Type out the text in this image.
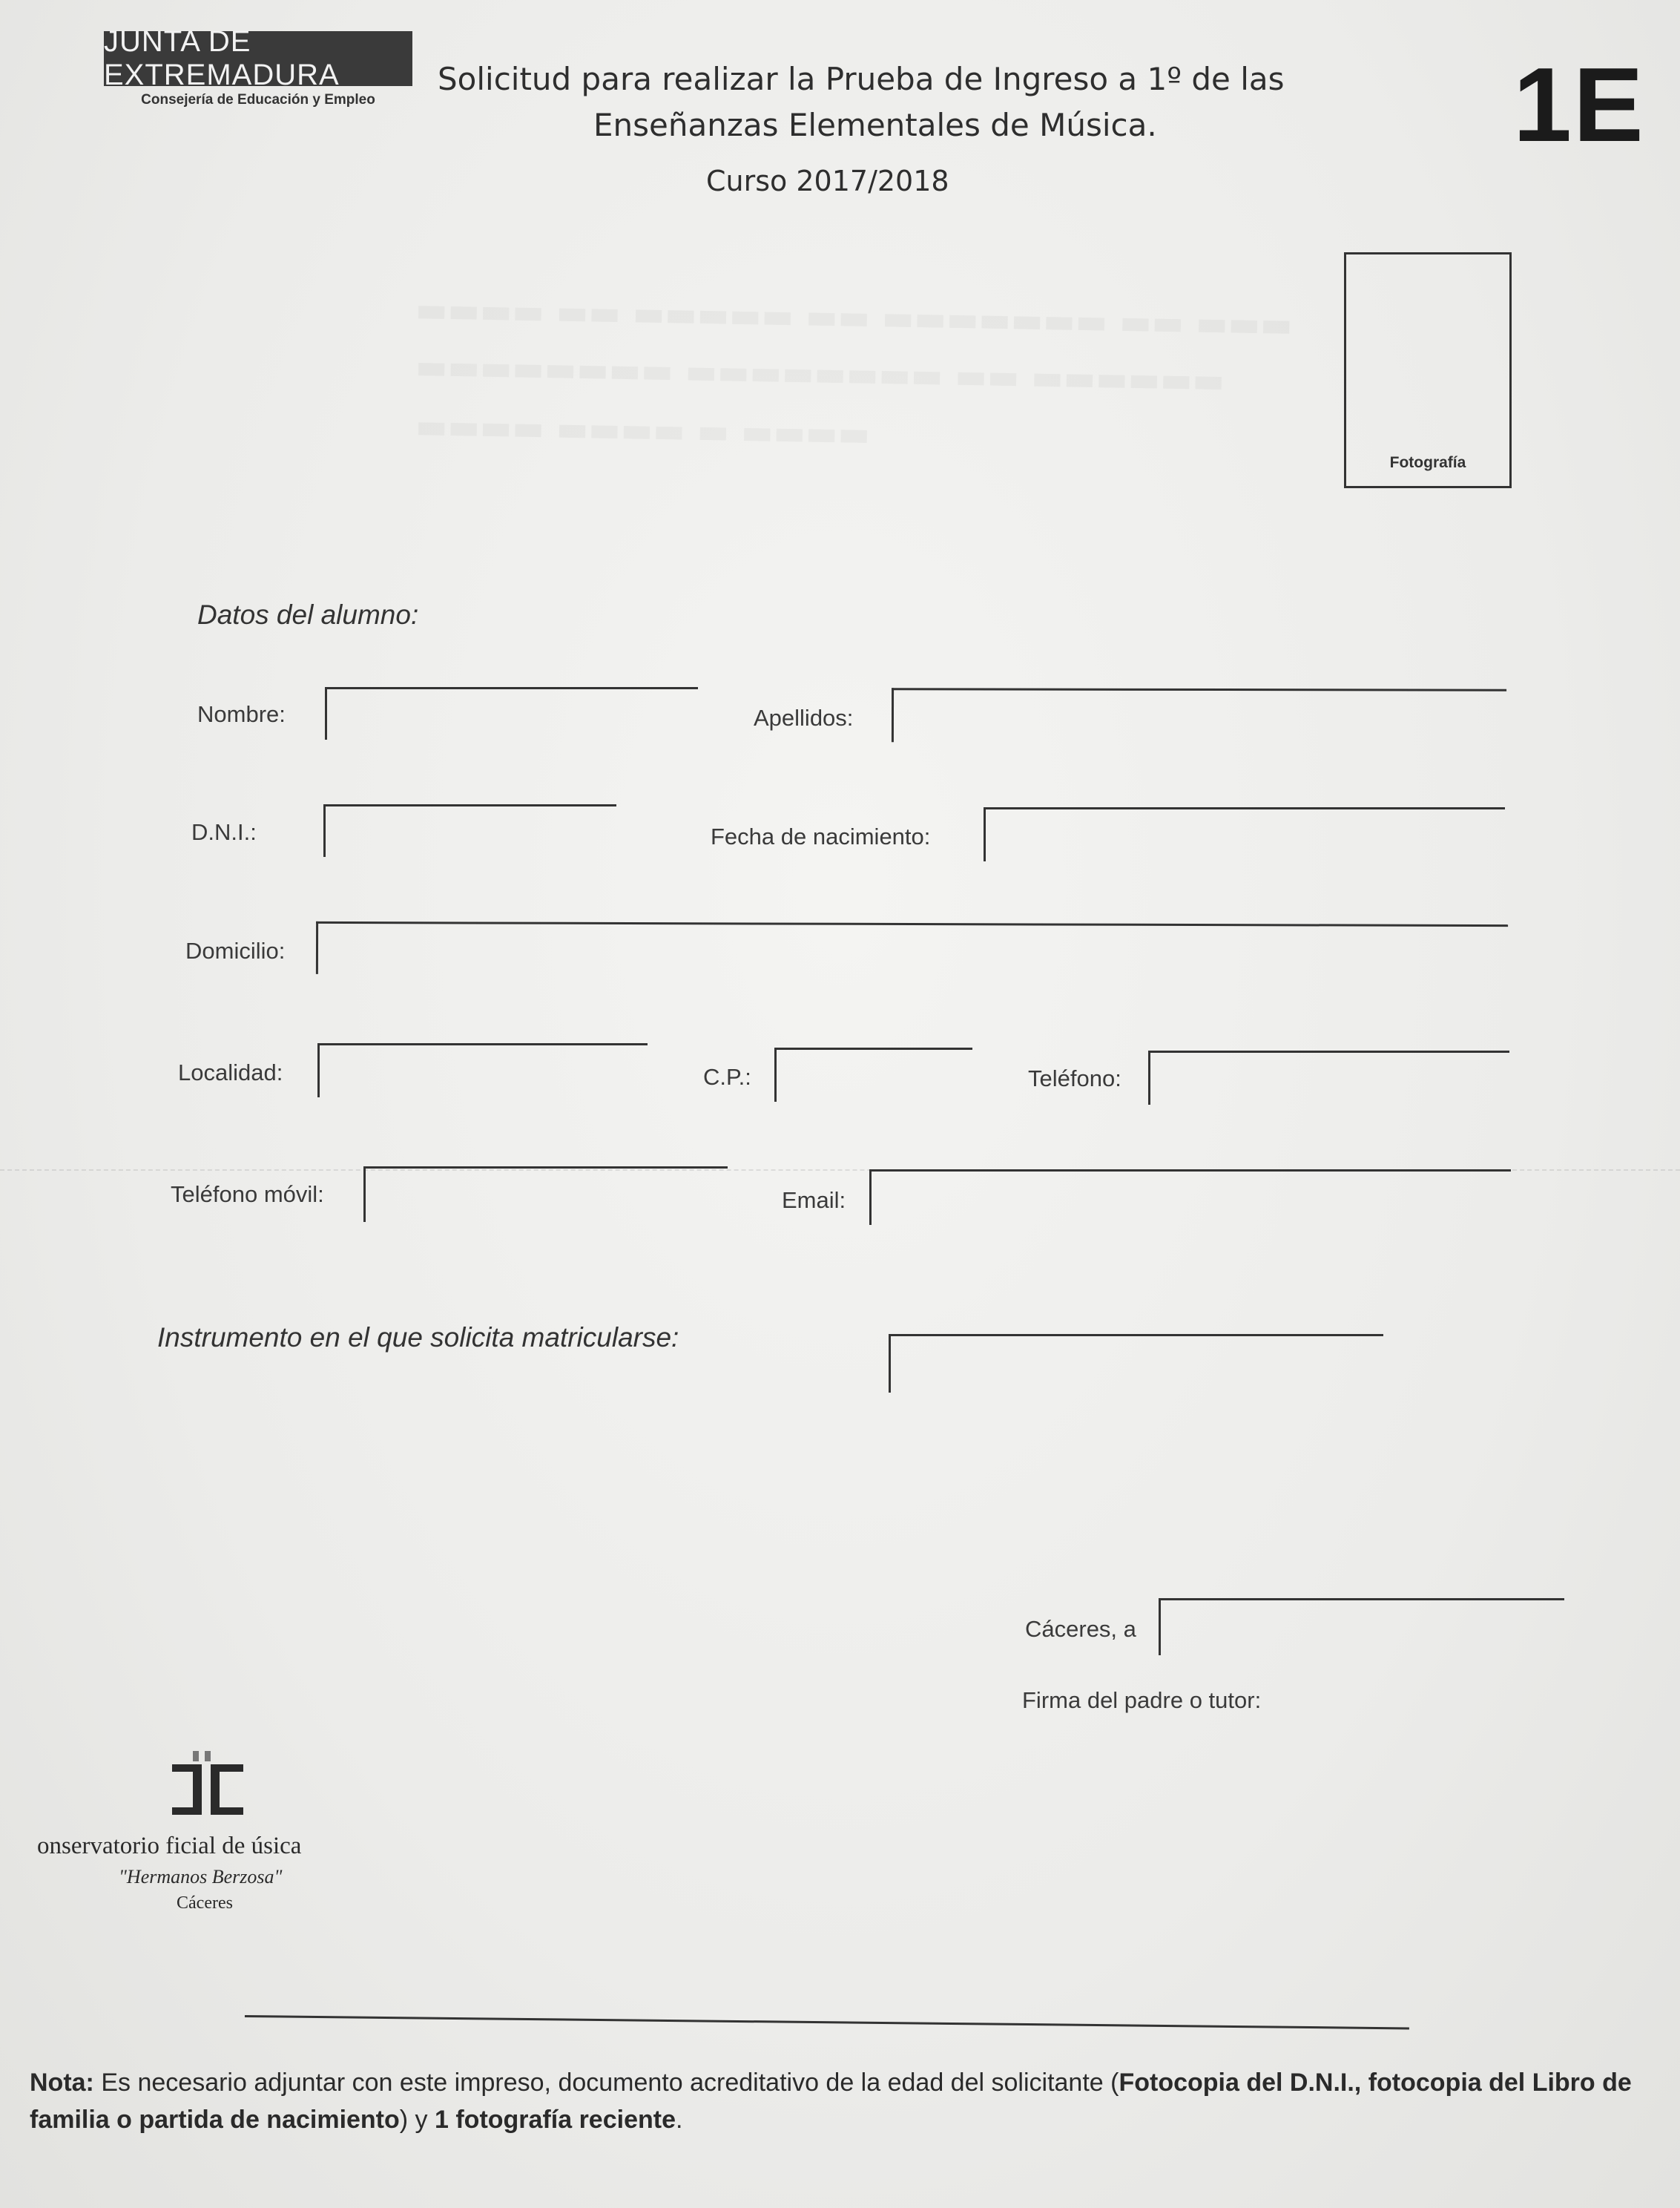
▬▬▬▬ ▬▬ ▬▬▬▬▬ ▬▬ ▬▬▬▬▬▬▬ ▬▬ ▬▬▬
▬▬▬▬▬▬▬▬ ▬▬▬▬▬▬▬▬ ▬▬ ▬▬▬▬▬▬
▬▬▬▬ ▬▬▬▬ ▬ ▬▬▬▬
JUNTA DE EXTREMADURA
Consejería de Educación y Empleo
Solicitud para realizar la Prueba de Ingreso a 1º de las
Enseñanzas Elementales de Música.
Curso 2017/2018
1E
Fotografía
Datos del alumno:
Nombre:	Apellidos:
D.N.I.:	Fecha de nacimiento:
Domicilio:
Localidad:	C.P.:	Teléfono:
Teléfono móvil:	Email:
Instrumento en el que solicita matricularse:
Cáceres, a
Firma del padre o tutor:
onservatorio ficial de úsica
"Hermanos Berzosa"
Cáceres
Nota: Es necesario adjuntar con este impreso, documento acreditativo de la edad del solicitante (Fotocopia del D.N.I., fotocopia del Libro de familia o partida de nacimiento) y 1 fotografía reciente.
